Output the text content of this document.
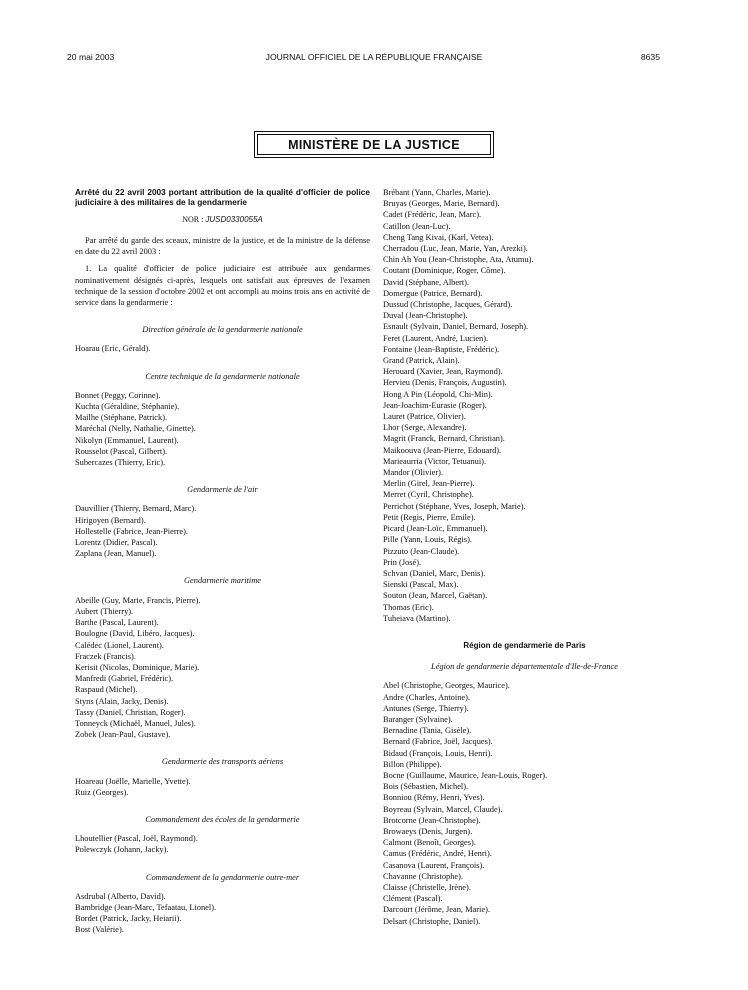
20 mai 2003	JOURNAL OFFICIEL DE LA RÉPUBLIQUE FRANÇAISE	8635
MINISTÈRE DE LA JUSTICE
Arrêté du 22 avril 2003 portant attribution de la qualité d'officier de police judiciaire à des militaires de la gendarmerie
NOR : JUSD0330055A
Par arrêté du garde des sceaux, ministre de la justice, et de la ministre de la défense en date du 22 avril 2003 :
1. La qualité d'officier de police judiciaire est attribuée aux gendarmes nominativement désignés ci-après, lesquels ont satisfait aux épreuves de l'examen technique de la session d'octobre 2002 et ont accompli au moins trois ans en activité de service dans la gendarmerie :
Direction générale de la gendarmerie nationale
Hoarau (Eric, Gérald).
Centre technique de la gendarmerie nationale
Bonnet (Peggy, Corinne).
Kuchta (Géraldine, Stéphanie).
Mailhe (Stéphane, Patrick).
Maréchal (Nelly, Nathalie, Ginette).
Nikolyn (Emmanuel, Laurent).
Rousselot (Pascal, Gilbert).
Subercazes (Thierry, Eric).
Gendarmerie de l'air
Dauvillier (Thierry, Bernard, Marc).
Hirigoyen (Bernard).
Hollestelle (Fabrice, Jean-Pierre).
Lorentz (Didier, Pascal).
Zaplana (Jean, Manuel).
Gendarmerie maritime
Abeille (Guy, Marie, Francis, Pierre).
Aubert (Thierry).
Barthe (Pascal, Laurent).
Boulogne (David, Libéro, Jacques).
Calédec (Lionel, Laurent).
Fraczek (Francis).
Kerisit (Nicolas, Dominique, Marie).
Manfredi (Gabriel, Frédéric).
Raspaud (Michel).
Styns (Alain, Jacky, Denis).
Tassy (Daniel, Christian, Roger).
Tonneyck (Michaël, Manuel, Jules).
Zobek (Jean-Paul, Gustave).
Gendarmerie des transports aériens
Hoareau (Joëlle, Marielle, Yvette).
Ruiz (Georges).
Commandement des écoles de la gendarmerie
Lhoutellier (Pascal, Joël, Raymond).
Polewczyk (Johann, Jacky).
Commandement de la gendarmerie outre-mer
Asdrubal (Alberto, David).
Bambridge (Jean-Marc, Tefaatau, Lionel).
Bordet (Patrick, Jacky, Heiarii).
Bost (Valérie).
Brébant (Yann, Charles, Marie).
Bruyas (Georges, Marie, Bernard).
Cadet (Frédéric, Jean, Marc).
Catillon (Jean-Luc).
Cheng Tang Kivai, (Karl, Vetea).
Cherradou (Luc, Jean, Marie, Yan, Arezki).
Chin Ah You (Jean-Christophe, Ata, Atumu).
Coutant (Dominique, Roger, Côme).
David (Stéphane, Albert).
Domergue (Patrice, Bernard).
Dussud (Christophe, Jacques, Gérard).
Duval (Jean-Christophe).
Esnault (Sylvain, Daniel, Bernard, Joseph).
Feret (Laurent, André, Lucien).
Fontaine (Jean-Baptiste, Frédéric).
Grand (Patrick, Alain).
Herouard (Xavier, Jean, Raymond).
Hervieu (Denis, François, Augustin).
Hong A Pin (Léopold, Chi-Min).
Jean-Joachim-Eurasie (Roger).
Lauret (Patrice, Olivier).
Lhor (Serge, Alexandre).
Magrit (Franck, Bernard, Christian).
Maikoouva (Jean-Pierre, Edouard).
Marieaurria (Victor, Tetuanui).
Mandor (Olivier).
Merlin (Girel, Jean-Pierre).
Merret (Cyril, Christophe).
Perrichot (Stéphane, Yves, Joseph, Marie).
Petit (Regis, Pierre, Emile).
Picard (Jean-Loïc, Emmanuel).
Pille (Yann, Louis, Régis).
Pizzuto (Jean-Claude).
Prin (José).
Schvan (Daniel, Marc, Denis).
Sienski (Pascal, Max).
Souton (Jean, Marcel, Gaëtan).
Thomas (Eric).
Tuheiava (Martino).
Région de gendarmerie de Paris
Légion de gendarmerie départementale d'Ile-de-France
Abel (Christophe, Georges, Maurice).
Andre (Charles, Antoine).
Antunes (Serge, Thierry).
Baranger (Sylvaine).
Bernadine (Tania, Gisèle).
Bernard (Fabrice, Joël, Jacques).
Bidaud (François, Louis, Henri).
Billon (Philippe).
Bocne (Guillaume, Maurice, Jean-Louis, Roger).
Bois (Sébastien, Michel).
Bonniou (Rémy, Henri, Yves).
Boyreau (Sylvain, Marcel, Claude).
Brotcorne (Jean-Christophe).
Browaeys (Denis, Jurgen).
Calmont (Benoît, Georges).
Camus (Frédéric, André, Henri).
Casanova (Laurent, François).
Chavanne (Christophe).
Claisse (Christelle, Irène).
Clément (Pascal).
Darcourt (Jérôme, Jean, Marie).
Delsart (Christophe, Daniel).
